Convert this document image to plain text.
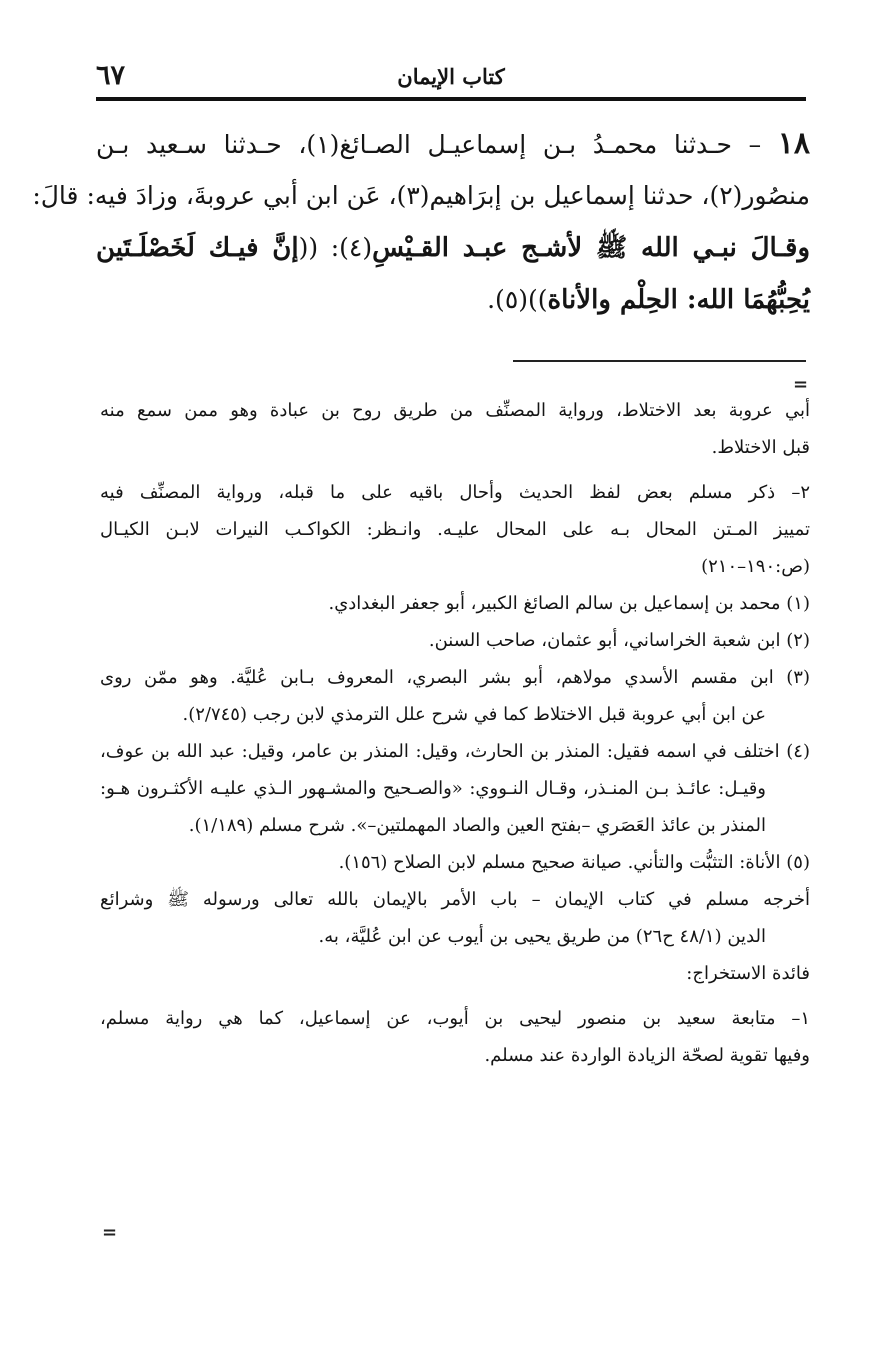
٦٧	كتاب الإيمان
١٨ – حـدثنا محمـدُ بـن إسماعيـل الصـائغ(١)، حـدثنا سـعيد بـن
منصُور(٢)، حدثنا إسماعيل بن إبرَاهيم(٣)، عَن ابن أبي عروبةَ، وزادَ فيه: قالَ:
وقـالَ نبـي الله ﷺ لأشـج عبـد القـيْسِ(٤): ((إنَّ فيـك لَخَصْلَـتَين
يُحِبُّهُمَا الله: الحِلْم والأناة))(٥).
=
أبي عروبة بعد الاختلاط، ورواية المصنِّف من طريق روح بن عبادة وهو ممن سمع منه
قبل الاختلاط.
٢– ذكر مسلم بعض لفظ الحديث وأحال باقيه على ما قبله، ورواية المصنِّف فيه
تمييز المـتن المحال بـه على المحال عليـه. وانـظر: الكواكـب النيرات لابـن الكيـال
(ص:١٩٠–٢١٠)
(١) محمد بن إسماعيل بن سالم الصائغ الكبير، أبو جعفر البغدادي.
(٢) ابن شعبة الخراساني، أبو عثمان، صاحب السنن.
(٣) ابن مقسم الأسدي مولاهم، أبو بشر البصري، المعروف بـابن عُليَّة. وهو ممّن روى
عن ابن أبي عروبة قبل الاختلاط كما في شرح علل الترمذي لابن رجب (٢/٧٤٥).
(٤) اختلف في اسمه فقيل: المنذر بن الحارث، وقيل: المنذر بن عامر، وقيل: عبد الله بن عوف،
وقيـل: عائـذ بـن المنـذر، وقـال النـووي: «والصـحيح والمشـهور الـذي عليـه الأكثـرون هـو:
المنذر بن عائذ العَصَري –بفتح العين والصاد المهملتين–». شرح مسلم (١/١٨٩).
(٥) الأناة: التثبُّت والتأني. صيانة صحيح مسلم لابن الصلاح (١٥٦).
أخرجه مسلم في كتاب الإيمان – باب الأمر بالإيمان بالله تعالى ورسوله ﷺ وشرائع
الدين (٤٨/١ ح٢٦) من طريق يحيى بن أيوب عن ابن عُليَّة، به.
فائدة الاستخراج:
١– متابعة سعيد بن منصور ليحيى بن أيوب، عن إسماعيل، كما هي رواية مسلم،
وفيها تقوية لصحّة الزيادة الواردة عند مسلم.
=
